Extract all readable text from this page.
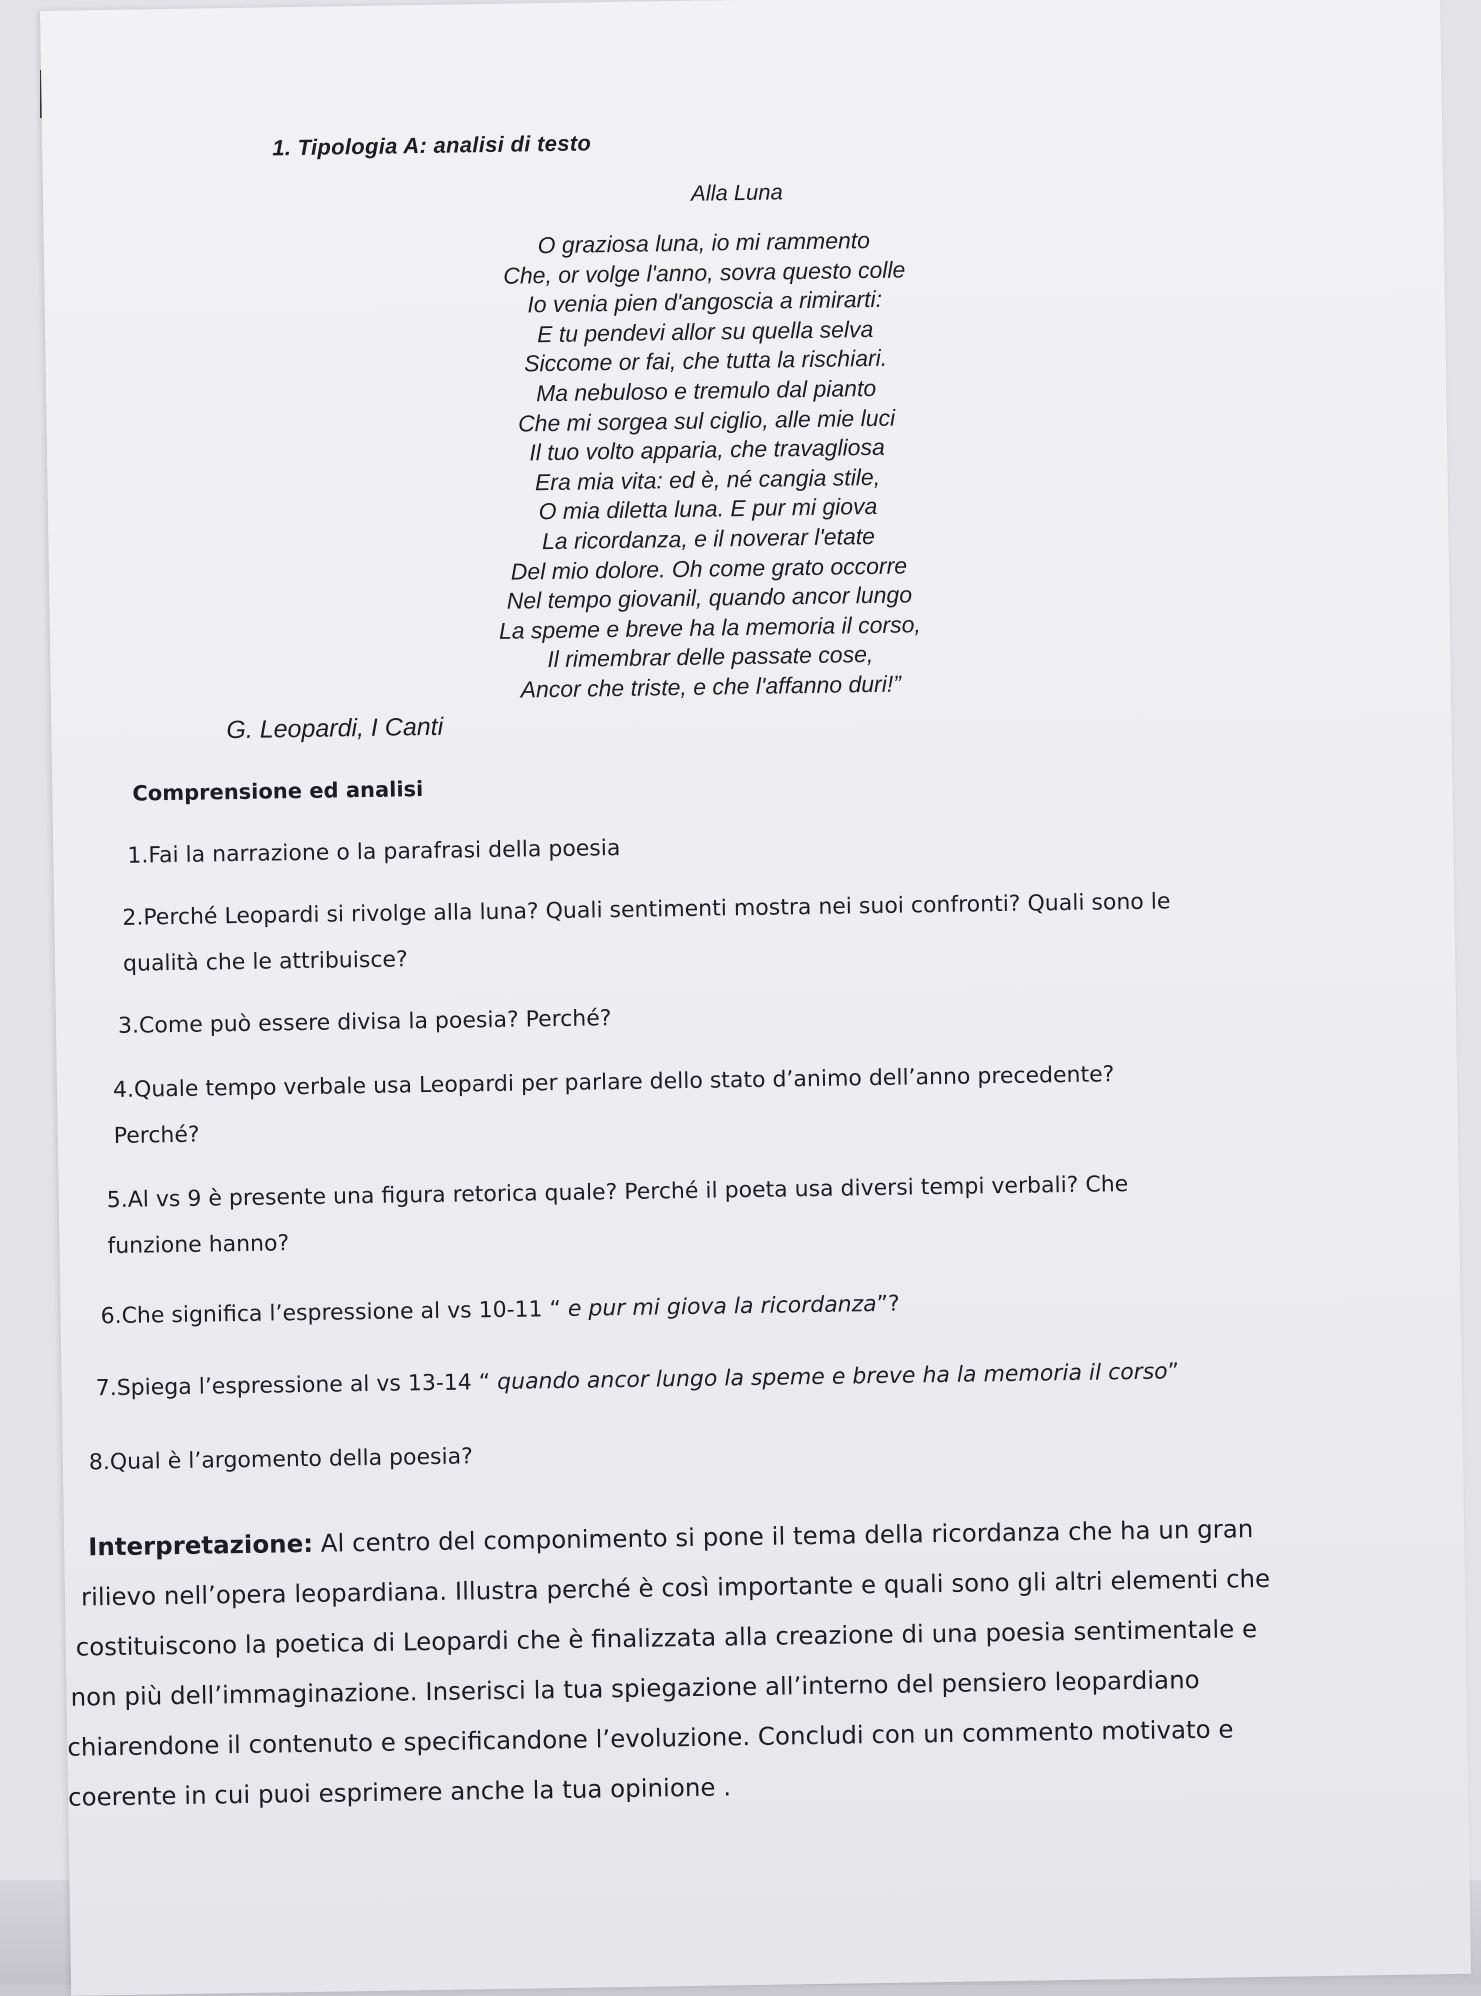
1. Tipologia A: analisi di testo
Alla Luna
O graziosa luna, io mi rammento
Che, or volge l'anno, sovra questo colle
Io venia pien d'angoscia a rimirarti:
E tu pendevi allor su quella selva
Siccome or fai, che tutta la rischiari.
Ma nebuloso e tremulo dal pianto
Che mi sorgea sul ciglio, alle mie luci
Il tuo volto apparia, che travagliosa
Era mia vita: ed è, né cangia stile,
O mia diletta luna. E pur mi giova
La ricordanza, e il noverar l'etate
Del mio dolore. Oh come grato occorre
Nel tempo giovanil, quando ancor lungo
La speme e breve ha la memoria il corso,
Il rimembrar delle passate cose,
Ancor che triste, e che l'affanno duri!”
G. Leopardi, I Canti
Comprensione ed analisi
1.Fai la narrazione o la parafrasi della poesia
2.Perché Leopardi si rivolge alla luna? Quali sentimenti mostra nei suoi confronti? Quali sono le
qualità che le attribuisce?
3.Come può essere divisa la poesia? Perché?
4.Quale tempo verbale usa Leopardi per parlare dello stato d’animo dell’anno precedente?
Perché?
5.Al vs 9 è presente una figura retorica quale? Perché il poeta usa diversi tempi verbali? Che
funzione hanno?
6.Che significa l’espressione al vs 10-11 “ e pur mi giova la ricordanza”?
7.Spiega l’espressione al vs 13-14 “ quando ancor lungo la speme e breve ha la memoria il corso”
8.Qual è l’argomento della poesia?
Interpretazione: Al centro del componimento si pone il tema della ricordanza che ha un gran
rilievo nell’opera leopardiana. Illustra perché è così importante e quali sono gli altri elementi che
costituiscono la poetica di Leopardi che è finalizzata alla creazione di una poesia sentimentale e
non più dell’immaginazione. Inserisci la tua spiegazione all’interno del pensiero leopardiano
chiarendone il contenuto e specificandone l’evoluzione. Concludi con un commento motivato e
coerente in cui puoi esprimere anche la tua opinione .
